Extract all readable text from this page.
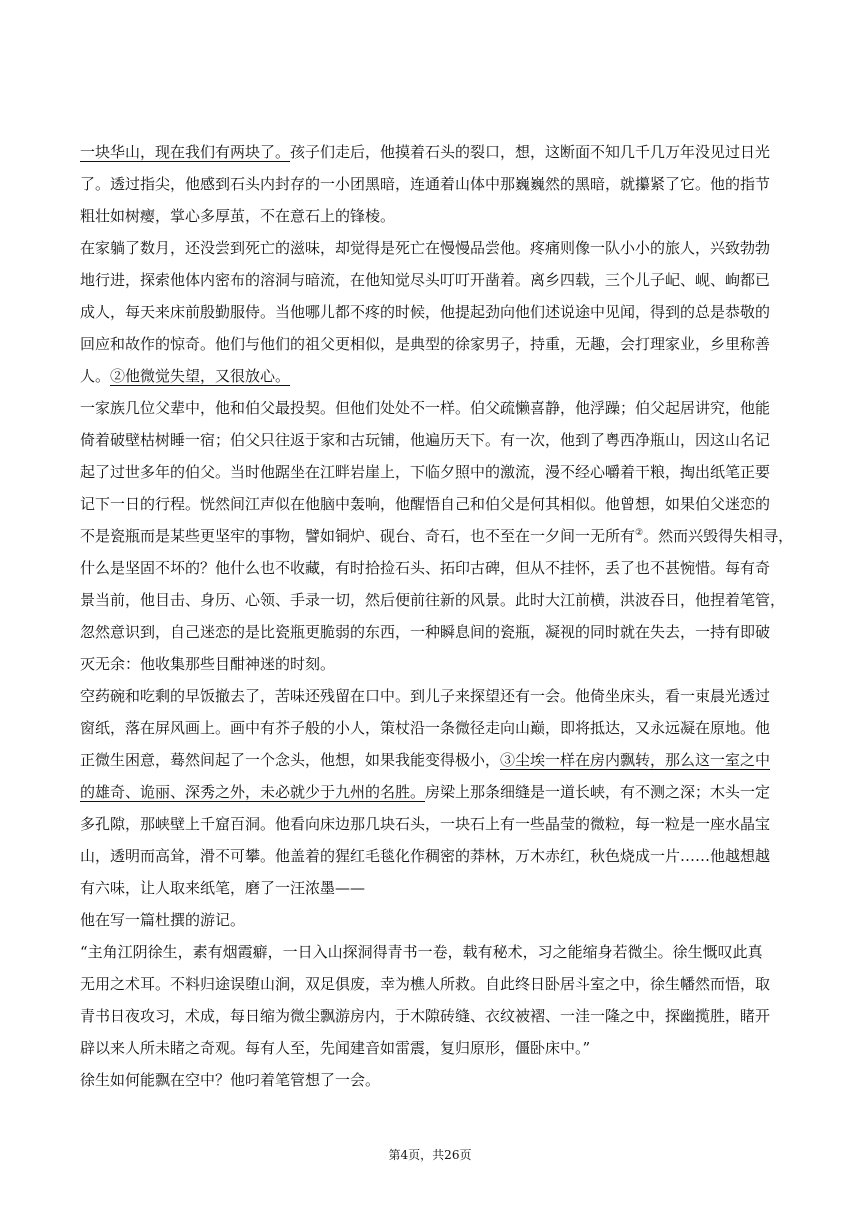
一块华山，现在我们有两块了。孩子们走后，他摸着石头的裂口，想，这断面不知几千几万年没见过日光
了。透过指尖，他感到石头内封存的一小团黑暗，连通着山体中那巍巍然的黑暗，就攥紧了它。他的指节
粗壮如树瘿，掌心多厚茧，不在意石上的锋棱。
在家躺了数月，还没尝到死亡的滋味，却觉得是死亡在慢慢品尝他。疼痛则像一队小小的旅人，兴致勃勃
地行进，探索他体内密布的溶洞与暗流，在他知觉尽头叮叮开凿着。离乡四载，三个儿子屺、岘、峋都已
成人，每天来床前殷勤服侍。当他哪儿都不疼的时候，他提起劲向他们述说途中见闻，得到的总是恭敬的
回应和故作的惊奇。他们与他们的祖父更相似，是典型的徐家男子，持重，无趣，会打理家业，乡里称善
人。②他微觉失望，又很放心。
一家族几位父辈中，他和伯父最投契。但他们处处不一样。伯父疏懒喜静，他浮躁；伯父起居讲究，他能
倚着破壁枯树睡一宿；伯父只往返于家和古玩铺，他遍历天下。有一次，他到了粤西净瓶山，因这山名记
起了过世多年的伯父。当时他踞坐在江畔岩崖上，下临夕照中的激流，漫不经心嚼着干粮，掏出纸笔正要
记下一日的行程。恍然间江声似在他脑中轰响，他醒悟自己和伯父是何其相似。他曾想，如果伯父迷恋的
不是瓷瓶而是某些更坚牢的事物，譬如铜炉、砚台、奇石，也不至在一夕间一无所有②。然而兴毁得失相寻，
什么是坚固不坏的？他什么也不收藏，有时拾捡石头、拓印古碑，但从不挂怀，丢了也不甚惋惜。每有奇
景当前，他目击、身历、心领、手录一切，然后便前往新的风景。此时大江前横，洪波吞日，他捏着笔管，
忽然意识到，自己迷恋的是比瓷瓶更脆弱的东西，一种瞬息间的瓷瓶，凝视的同时就在失去，一持有即破
灭无余：他收集那些目酣神迷的时刻。
空药碗和吃剩的早饭撤去了，苦味还残留在口中。到儿子来探望还有一会。他倚坐床头，看一束晨光透过
窗纸，落在屏风画上。画中有芥子般的小人，策杖沿一条微径走向山巅，即将抵达，又永远凝在原地。他
正微生困意，蓦然间起了一个念头，他想，如果我能变得极小，③尘埃一样在房内飘转，那么这一室之中
的雄奇、诡丽、深秀之外，未必就少于九州的名胜。房梁上那条细缝是一道长峡，有不测之深；木头一定
多孔隙，那峡壁上千窟百洞。他看向床边那几块石头，一块石上有一些晶莹的微粒，每一粒是一座水晶宝
山，透明而高耸，滑不可攀。他盖着的猩红毛毯化作稠密的莽林，万木赤红，秋色烧成一片……他越想越
有六味，让人取来纸笔，磨了一汪浓墨——
他在写一篇杜撰的游记。
“主角江阴徐生，素有烟霞癖，一日入山探洞得青书一卷，载有秘术，习之能缩身若微尘。徐生慨叹此真
无用之术耳。不料归途误堕山涧，双足俱废，幸为樵人所救。自此终日卧居斗室之中，徐生幡然而悟，取
青书日夜攻习，术成，每日缩为微尘飘游房内，于木隙砖缝、衣纹被褶、一洼一隆之中，探幽揽胜，睹开
辟以来人所未睹之奇观。每有人至，先闻建音如雷震，复归原形，僵卧床中。”
徐生如何能飘在空中？他叼着笔管想了一会。
第4页，共26页
